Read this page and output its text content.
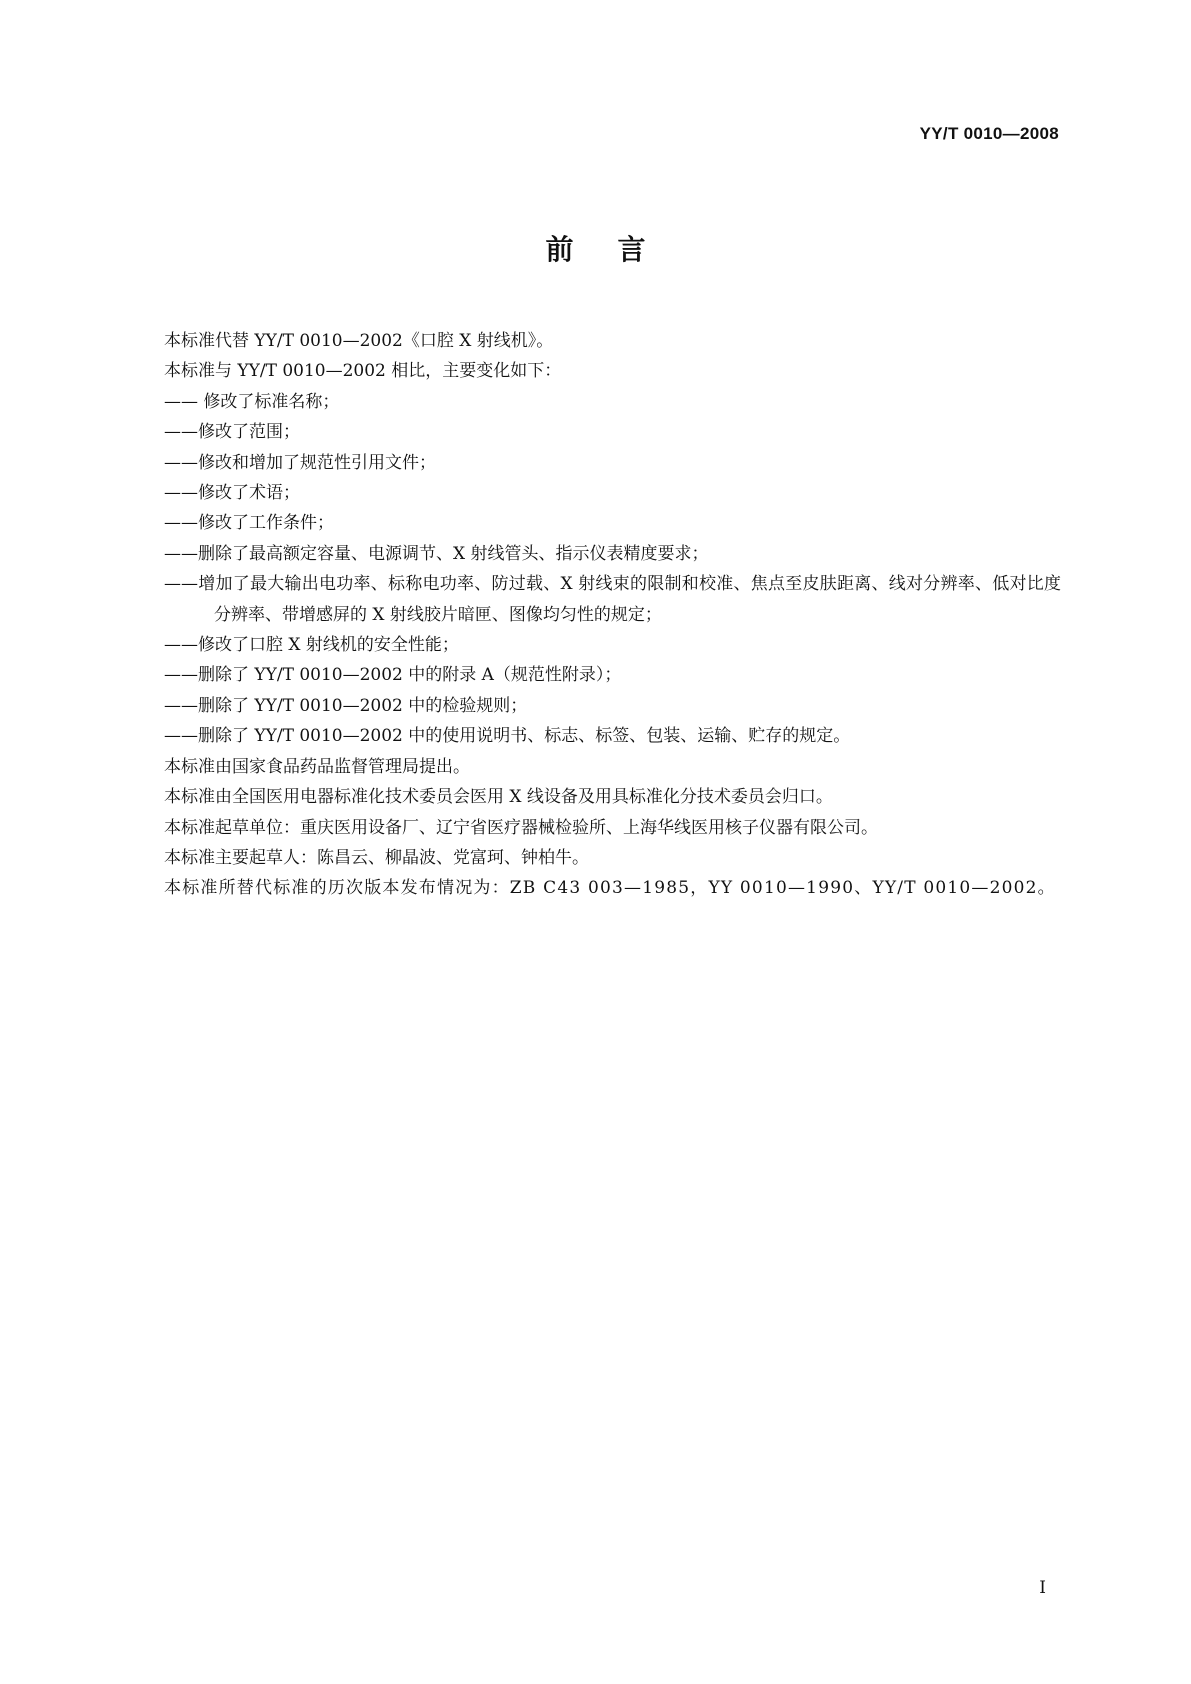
YY/T 0010—2008
前言

本标准代替 YY/T 0010—2002《口腔 X 射线机》。

本标准与 YY/T 0010—2002 相比，主要变化如下：

—— 修改了标准名称；

——修改了范围；

——修改和增加了规范性引用文件；

——修改了术语；

——修改了工作条件；

——删除了最高额定容量、电源调节、X 射线管头、指示仪表精度要求；

——增加了最大输出电功率、标称电功率、防过载、X 射线束的限制和校准、焦点至皮肤距离、线对分辨率、低对比度分辨率、带增感屏的 X 射线胶片暗匣、图像均匀性的规定；

——修改了口腔 X 射线机的安全性能；

——删除了 YY/T 0010—2002 中的附录 A（规范性附录）；

——删除了 YY/T 0010—2002 中的检验规则；

——删除了 YY/T 0010—2002 中的使用说明书、标志、标签、包装、运输、贮存的规定。

本标准由国家食品药品监督管理局提出。

本标准由全国医用电器标准化技术委员会医用 X 线设备及用具标准化分技术委员会归口。

本标准起草单位：重庆医用设备厂、辽宁省医疗器械检验所、上海华线医用核子仪器有限公司。

本标准主要起草人：陈昌云、柳晶波、党富珂、钟柏牛。

本标准所替代标准的历次版本发布情况为：ZB C43 003—1985，YY 0010—1990、YY/T 0010—2002。

I
